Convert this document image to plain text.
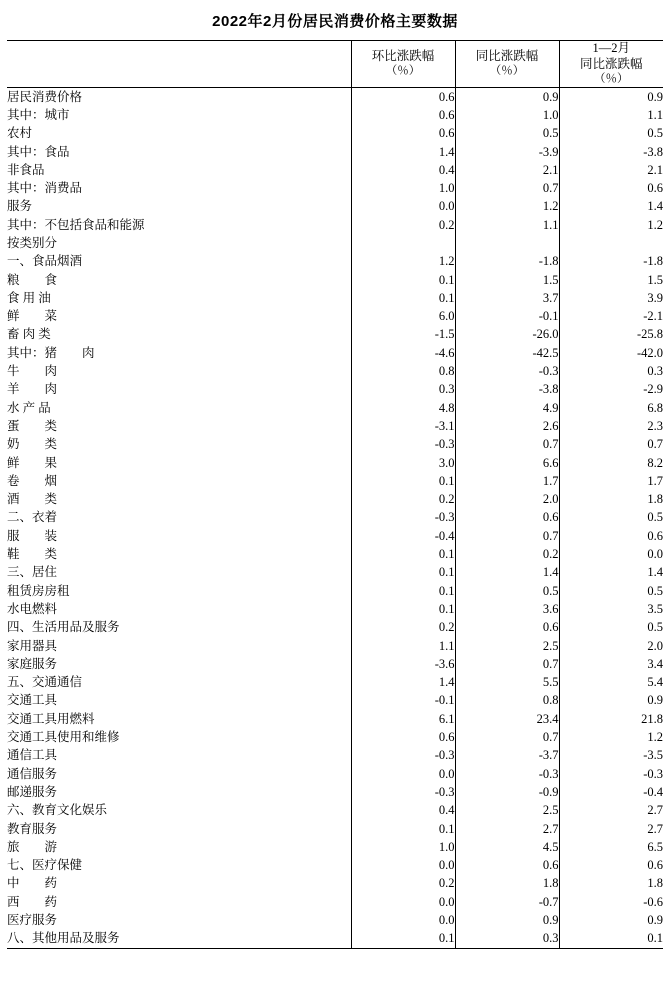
2022年2月份居民消费价格主要数据

环比涨跌幅
（％）

同比涨跌幅
（％）

1—2月
同比涨跌幅
（％）

居民消费价格	0.6	0.9	0.9
其中：城市	0.6	1.0	1.1
农村	0.6	0.5	0.5
其中：食品	1.4	-3.9	-3.8
非食品	0.4	2.1	2.1
其中：消费品	1.0	0.7	0.6
服务	0.0	1.2	1.4
其中：不包括食品和能源	0.2	1.1	1.2
按类别分			
一、食品烟酒	1.2	-1.8	-1.8
粮　　食	0.1	1.5	1.5
食 用 油	0.1	3.7	3.9
鲜　　菜	6.0	-0.1	-2.1
畜 肉 类	-1.5	-26.0	-25.8
其中：猪　　肉	-4.6	-42.5	-42.0
牛　　肉	0.8	-0.3	0.3
羊　　肉	0.3	-3.8	-2.9
水 产 品	4.8	4.9	6.8
蛋　　类	-3.1	2.6	2.3
奶　　类	-0.3	0.7	0.7
鲜　　果	3.0	6.6	8.2
卷　　烟	0.1	1.7	1.7
酒　　类	0.2	2.0	1.8
二、衣着	-0.3	0.6	0.5
服　　装	-0.4	0.7	0.6
鞋　　类	0.1	0.2	0.0
三、居住	0.1	1.4	1.4
租赁房房租	0.1	0.5	0.5
水电燃料	0.1	3.6	3.5
四、生活用品及服务	0.2	0.6	0.5
家用器具	1.1	2.5	2.0
家庭服务	-3.6	0.7	3.4
五、交通通信	1.4	5.5	5.4
交通工具	-0.1	0.8	0.9
交通工具用燃料	6.1	23.4	21.8
交通工具使用和维修	0.6	0.7	1.2
通信工具	-0.3	-3.7	-3.5
通信服务	0.0	-0.3	-0.3
邮递服务	-0.3	-0.9	-0.4
六、教育文化娱乐	0.4	2.5	2.7
教育服务	0.1	2.7	2.7
旅　　游	1.0	4.5	6.5
七、医疗保健	0.0	0.6	0.6
中　　药	0.2	1.8	1.8
西　　药	0.0	-0.7	-0.6
医疗服务	0.0	0.9	0.9
八、其他用品及服务	0.1	0.3	0.1
